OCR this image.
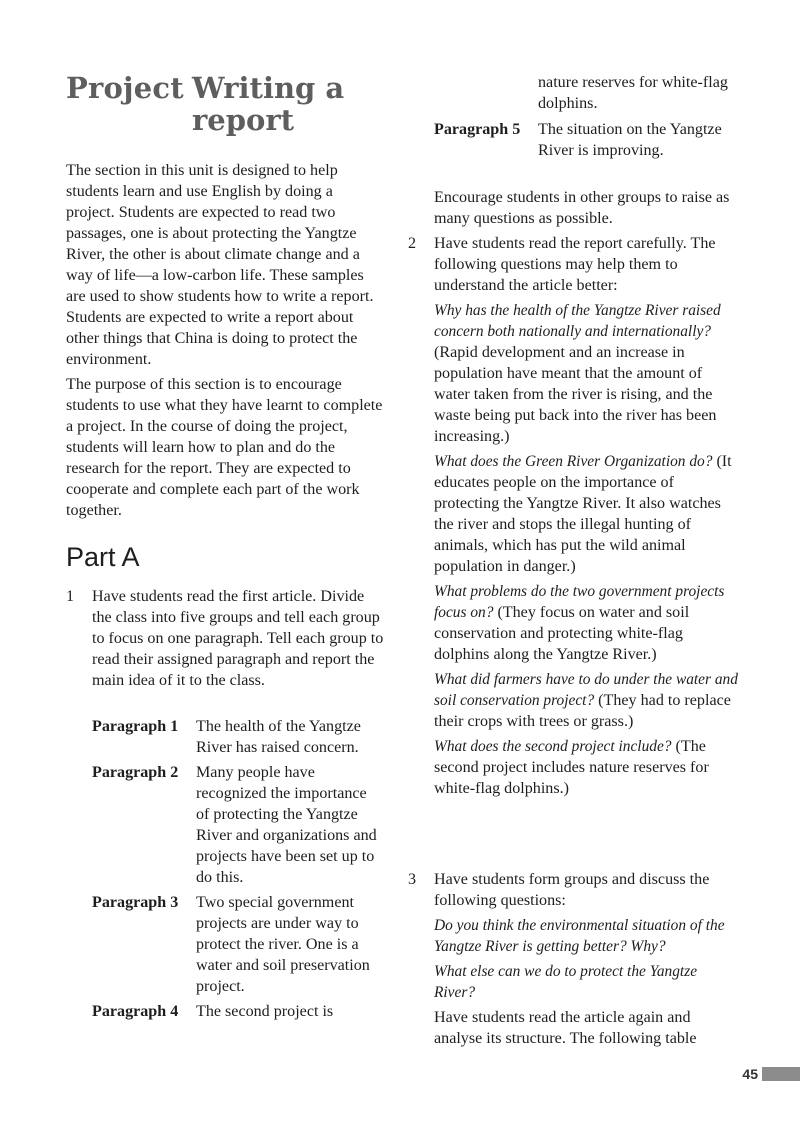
Project Writing a
report

The section in this unit is designed to help students learn and use English by doing a project. Students are expected to read two passages, one is about protecting the Yangtze River, the other is about climate change and a way of life—a low-carbon life. These samples are used to show students how to write a report. Students are expected to write a report about other things that China is doing to protect the environment.

The purpose of this section is to encourage students to use what they have learnt to complete a project. In the course of doing the project, students will learn how to plan and do the research for the report. They are expected to cooperate and complete each part of the work together.

Part A
1 Have students read the first article. Divide the class into five groups and tell each group to focus on one paragraph. Tell each group to read their assigned paragraph and report the main idea of it to the class.
Paragraph 1	The health of the Yangtze River has raised concern.
Paragraph 2	Many people have recognized the importance of protecting the Yangtze River and organizations and projects have been set up to do this.
Paragraph 3	Two special government projects are under way to protect the river. One is a water and soil preservation project.
Paragraph 4	The second project is

nature reserves for white-flag dolphins.

Paragraph 5	The situation on the Yangtze River is improving.

Encourage students in other groups to raise as many questions as possible.

2 Have students read the report carefully. The following questions may help them to understand the article better:

Why has the health of the Yangtze River raised concern both nationally and internationally? (Rapid development and an increase in population have meant that the amount of water taken from the river is rising, and the waste being put back into the river has been increasing.)

What does the Green River Organization do? (It educates people on the importance of protecting the Yangtze River. It also watches the river and stops the illegal hunting of animals, which has put the wild animal population in danger.)

What problems do the two government projects focus on? (They focus on water and soil conservation and protecting white-flag dolphins along the Yangtze River.)

What did farmers have to do under the water and soil conservation project? (They had to replace their crops with trees or grass.)

What does the second project include? (The second project includes nature reserves for white-flag dolphins.)

3 Have students form groups and discuss the following questions:

Do you think the environmental situation of the Yangtze River is getting better? Why?

What else can we do to protect the Yangtze River?

Have students read the article again and analyse its structure. The following table

45
